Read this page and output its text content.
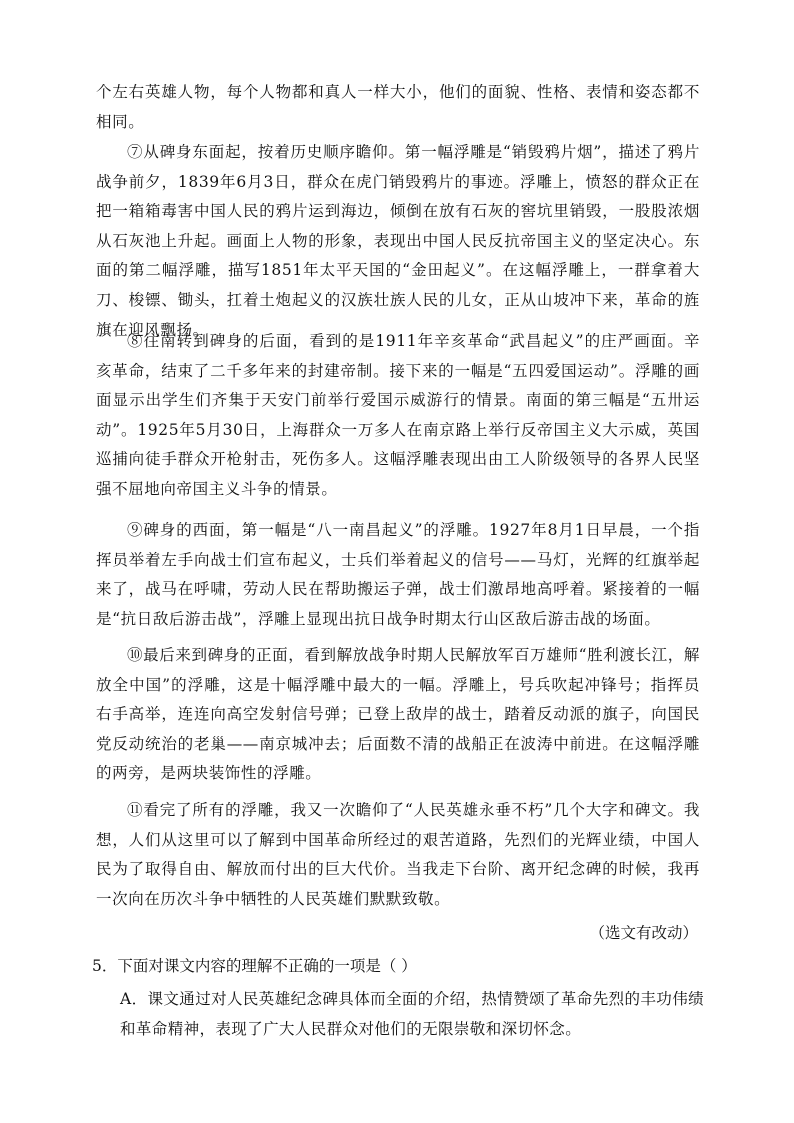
个左右英雄人物，每个人物都和真人一样大小，他们的面貌、性格、表情和姿态都不相同。

⑦从碑身东面起，按着历史顺序瞻仰。第一幅浮雕是“销毁鸦片烟”，描述了鸦片战争前夕，1839年6月3日，群众在虎门销毁鸦片的事迹。浮雕上，愤怒的群众正在把一箱箱毒害中国人民的鸦片运到海边，倾倒在放有石灰的窖坑里销毁，一股股浓烟从石灰池上升起。画面上人物的形象，表现出中国人民反抗帝国主义的坚定决心。东面的第二幅浮雕，描写1851年太平天国的“金田起义”。在这幅浮雕上，一群拿着大刀、梭镖、锄头，扛着土炮起义的汉族壮族人民的儿女，正从山坡冲下来，革命的旌旗在迎风飘扬。

⑧往南转到碑身的后面，看到的是1911年辛亥革命“武昌起义”的庄严画面。辛亥革命，结束了二千多年来的封建帝制。接下来的一幅是“五四爱国运动”。浮雕的画面显示出学生们齐集于天安门前举行爱国示威游行的情景。南面的第三幅是“五卅运动”。1925年5月30日，上海群众一万多人在南京路上举行反帝国主义大示威，英国巡捕向徒手群众开枪射击，死伤多人。这幅浮雕表现出由工人阶级领导的各界人民坚强不屈地向帝国主义斗争的情景。

⑨碑身的西面，第一幅是“八一南昌起义”的浮雕。1927年8月1日早晨，一个指挥员举着左手向战士们宣布起义，士兵们举着起义的信号——马灯，光辉的红旗举起来了，战马在呼啸，劳动人民在帮助搬运子弹，战士们激昂地高呼着。紧接着的一幅是“抗日敌后游击战”，浮雕上显现出抗日战争时期太行山区敌后游击战的场面。

⑩最后来到碑身的正面，看到解放战争时期人民解放军百万雄师“胜利渡长江，解放全中国”的浮雕，这是十幅浮雕中最大的一幅。浮雕上，号兵吹起冲锋号；指挥员右手高举，连连向高空发射信号弹；已登上敌岸的战士，踏着反动派的旗子，向国民党反动统治的老巢——南京城冲去；后面数不清的战船正在波涛中前进。在这幅浮雕的两旁，是两块装饰性的浮雕。

⑪看完了所有的浮雕，我又一次瞻仰了“人民英雄永垂不朽”几个大字和碑文。我想，人们从这里可以了解到中国革命所经过的艰苦道路，先烈们的光辉业绩，中国人民为了取得自由、解放而付出的巨大代价。当我走下台阶、离开纪念碑的时候，我再一次向在历次斗争中牺牲的人民英雄们默默致敬。

（选文有改动）

5．下面对课文内容的理解不正确的一项是（ ）

A．课文通过对人民英雄纪念碑具体而全面的介绍，热情赞颂了革命先烈的丰功伟绩

和革命精神，表现了广大人民群众对他们的无限崇敬和深切怀念。
